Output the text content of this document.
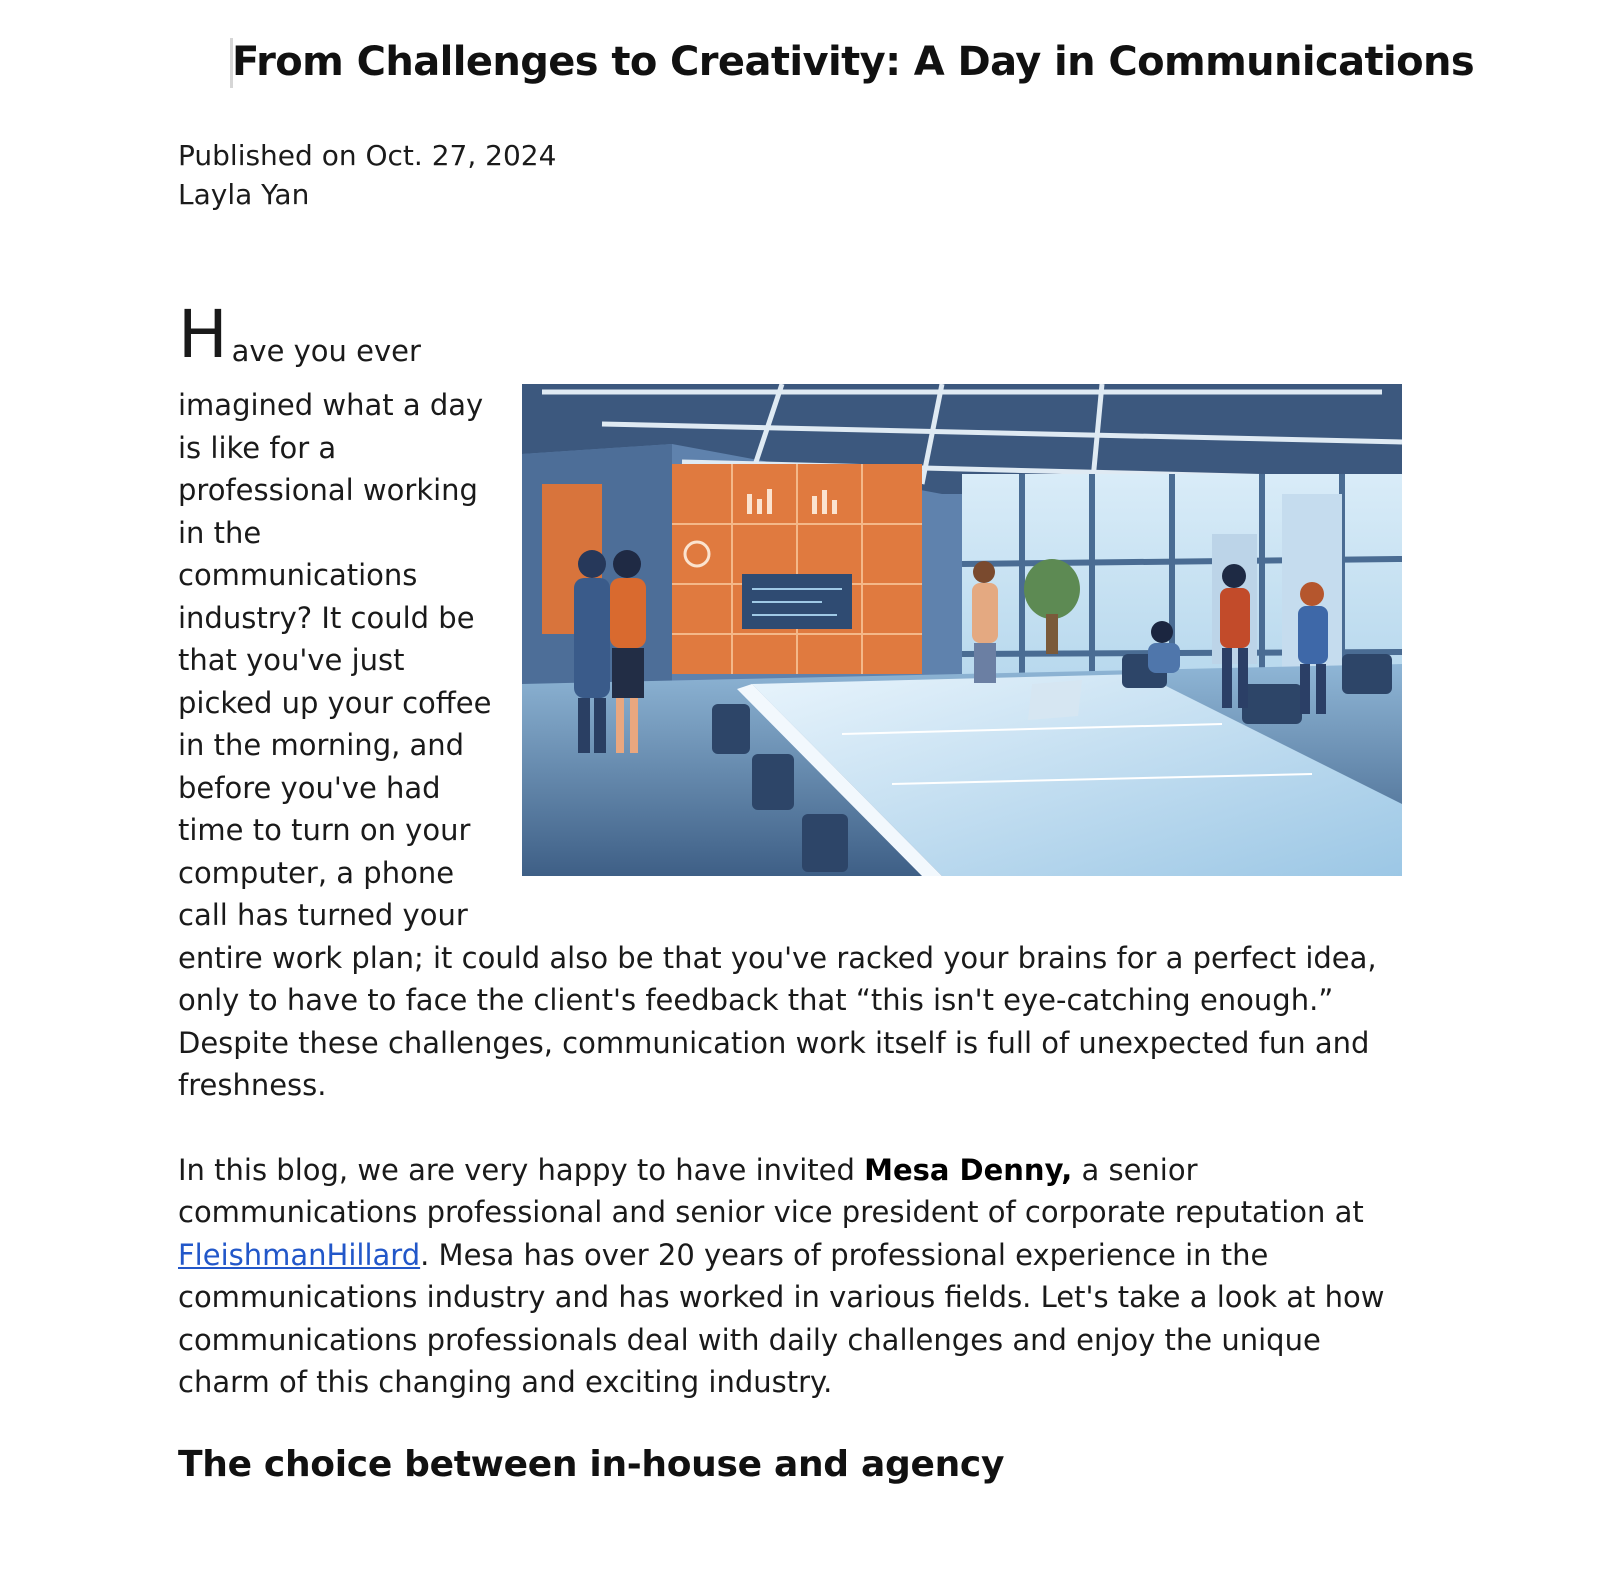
From Challenges to Creativity: A Day in Communications
Published on Oct. 27, 2024
Layla Yan

H ave you ever
imagined what a day is like for a professional working in the communications industry? It could be that you've just picked up your coffee in the morning, and before you've had time to turn on your computer, a phone call has turned your entire work plan; it could also be that you've racked your brains for a perfect idea, only to have to face the client's feedback that “this isn't eye-catching enough.” Despite these challenges, communication work itself is full of unexpected fun and freshness.

In this blog, we are very happy to have invited Mesa Denny, a senior communications professional and senior vice president of corporate reputation at FleishmanHillard. Mesa has over 20 years of professional experience in the communications industry and has worked in various fields. Let's take a look at how communications professionals deal with daily challenges and enjoy the unique charm of this changing and exciting industry.

The choice between in-house and agency
